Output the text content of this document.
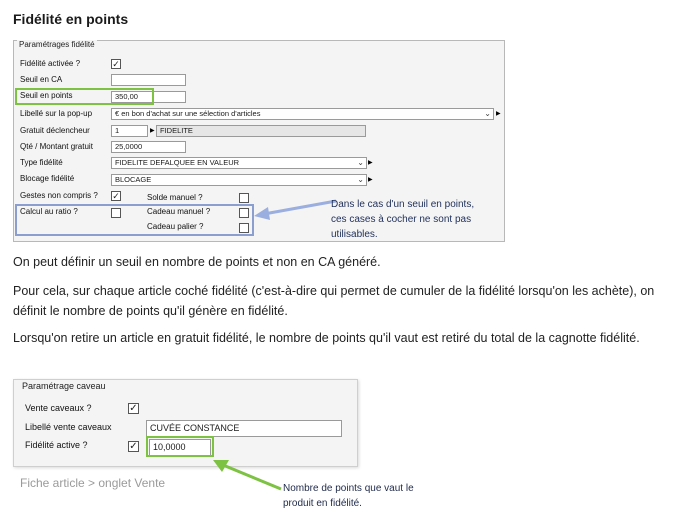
Fidélité en points
Paramétrages fidélité
Fidélité activée ?	✓
Seuil en CA
Seuil en points	350,00
Libellé sur la pop-up	€ en bon d'achat sur une sélection d'articles	⌄ ▶
Gratuit déclencheur	1	▶ FIDELITE
Qté / Montant gratuit	25,0000
Type fidélité	FIDELITE DEFALQUEE EN VALEUR	⌄ ▶
Blocage fidélité	BLOCAGE	⌄ ▶
Gestes non compris ? ✓	Solde manuel ?
Calcul au ratio ?	Cadeau manuel ?
Cadeau palier ?
Dans le cas d'un seuil en points,
ces cases à cocher ne sont pas
utilisables.
On peut définir un seuil en nombre de points et non en CA généré.
Pour cela, sur chaque article coché fidélité (c'est-à-dire qui permet de cumuler de la fidélité lorsqu'on les achète), on définit le nombre de points qu'il génère en fidélité.
Lorsqu'on retire un article en gratuit fidélité, le nombre de points qu'il vaut est retiré du total de la cagnotte fidélité.
Paramétrage caveau
Vente caveaux ?	✓
Libellé vente caveaux	CUVÉE CONSTANCE
Fidélité active ?	✓	10,0000
Fiche article > onglet Vente	Nombre de points que vaut le
produit en fidélité.
